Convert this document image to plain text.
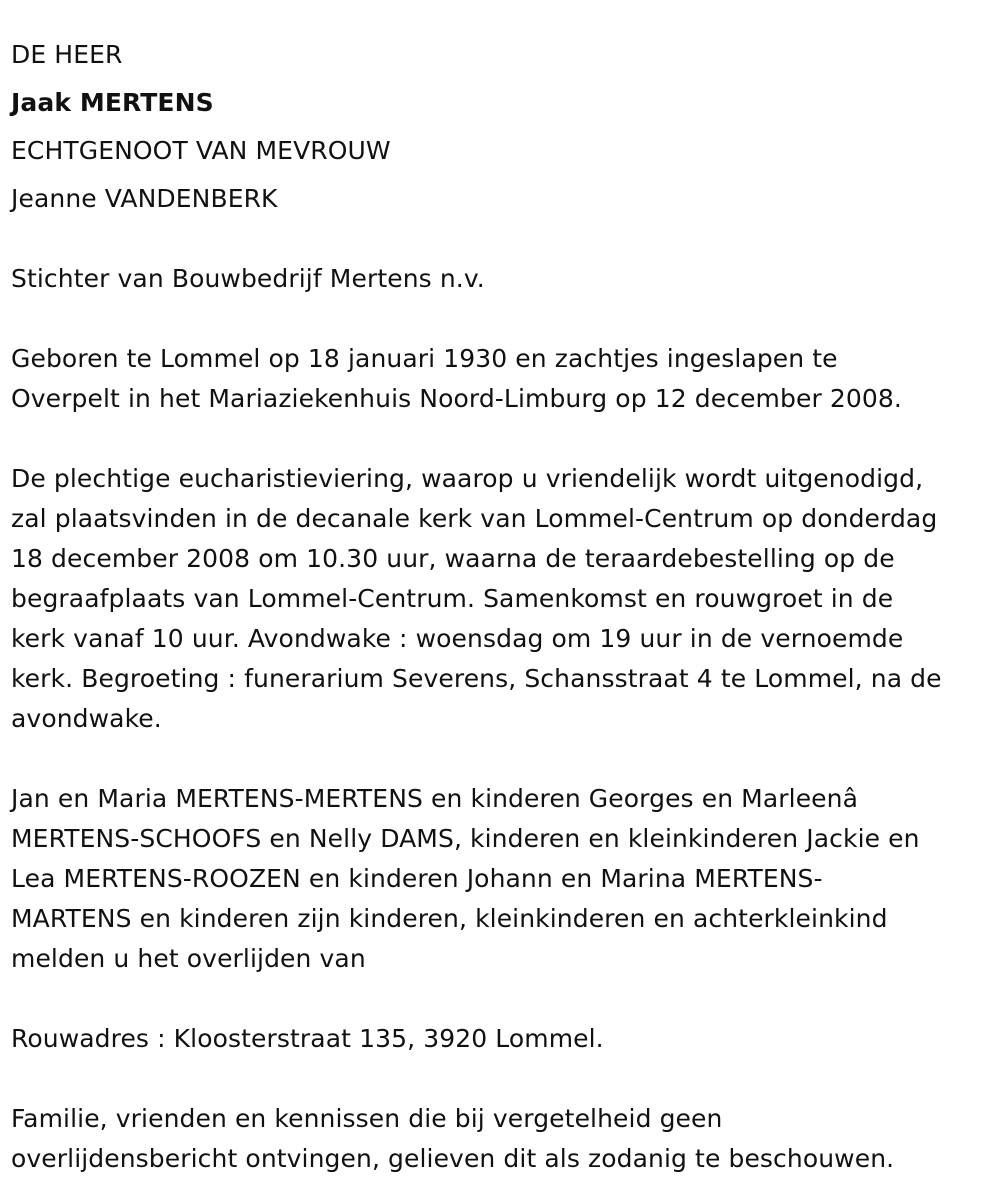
DE HEER
Jaak MERTENS
ECHTGENOOT VAN MEVROUW
Jeanne VANDENBERK
Stichter van Bouwbedrijf Mertens n.v.
Geboren te Lommel op 18 januari 1930 en zachtjes ingeslapen te
Overpelt in het Mariaziekenhuis Noord-Limburg op 12 december 2008.
De plechtige eucharistieviering, waarop u vriendelijk wordt uitgenodigd,
zal plaatsvinden in de decanale kerk van Lommel-Centrum op donderdag
18 december 2008 om 10.30 uur, waarna de teraardebestelling op de
begraafplaats van Lommel-Centrum. Samenkomst en rouwgroet in de
kerk vanaf 10 uur. Avondwake : woensdag om 19 uur in de vernoemde
kerk. Begroeting : funerarium Severens, Schansstraat 4 te Lommel, na de
avondwake.
Jan en Maria MERTENS-MERTENS en kinderen Georges en Marleenâ
MERTENS-SCHOOFS en Nelly DAMS, kinderen en kleinkinderen Jackie en
Lea MERTENS-ROOZEN en kinderen Johann en Marina MERTENS-
MARTENS en kinderen zijn kinderen, kleinkinderen en achterkleinkind
melden u het overlijden van
Rouwadres : Kloosterstraat 135, 3920 Lommel.
Familie, vrienden en kennissen die bij vergetelheid geen
overlijdensbericht ontvingen, gelieven dit als zodanig te beschouwen.
